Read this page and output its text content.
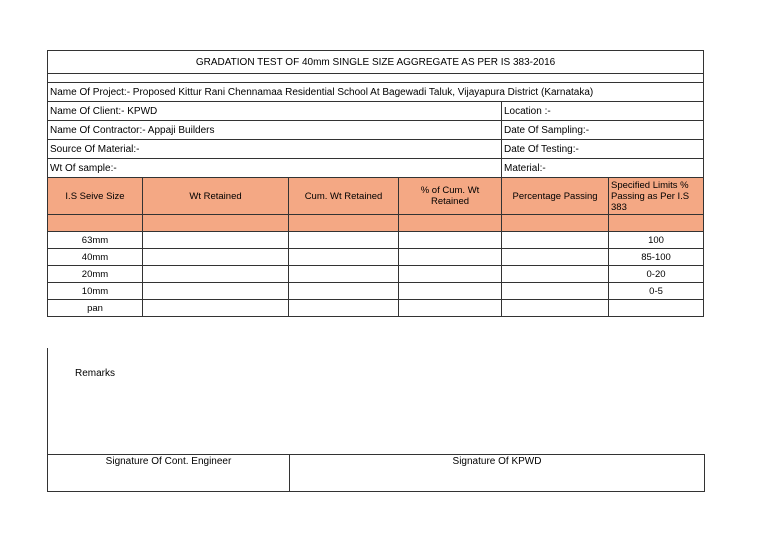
GRADATION TEST OF 40mm SINGLE SIZE AGGREGATE AS PER IS 383-2016					

Name Of Project:- Proposed Kittur Rani Chennamaa Residential School At Bagewadi Taluk, Vijayapura District (Karnataka)					
Name Of Client:- KPWD				Location :-	
Name Of Contractor:- Appaji Builders				Date Of Sampling:-	
Source Of Material:-				Date Of Testing:-	
Wt Of sample:-				Material:-	
I.S Seive Size	Wt Retained	Cum. Wt Retained	% of Cum. Wt Retained	Percentage Passing	Specified Limits % Passing as Per I.S 383

63mm					100
40mm					85-100
20mm					0-20
10mm					0-5
pan					
Remarks
Signature Of Cont. Engineer	Signature Of KPWD
